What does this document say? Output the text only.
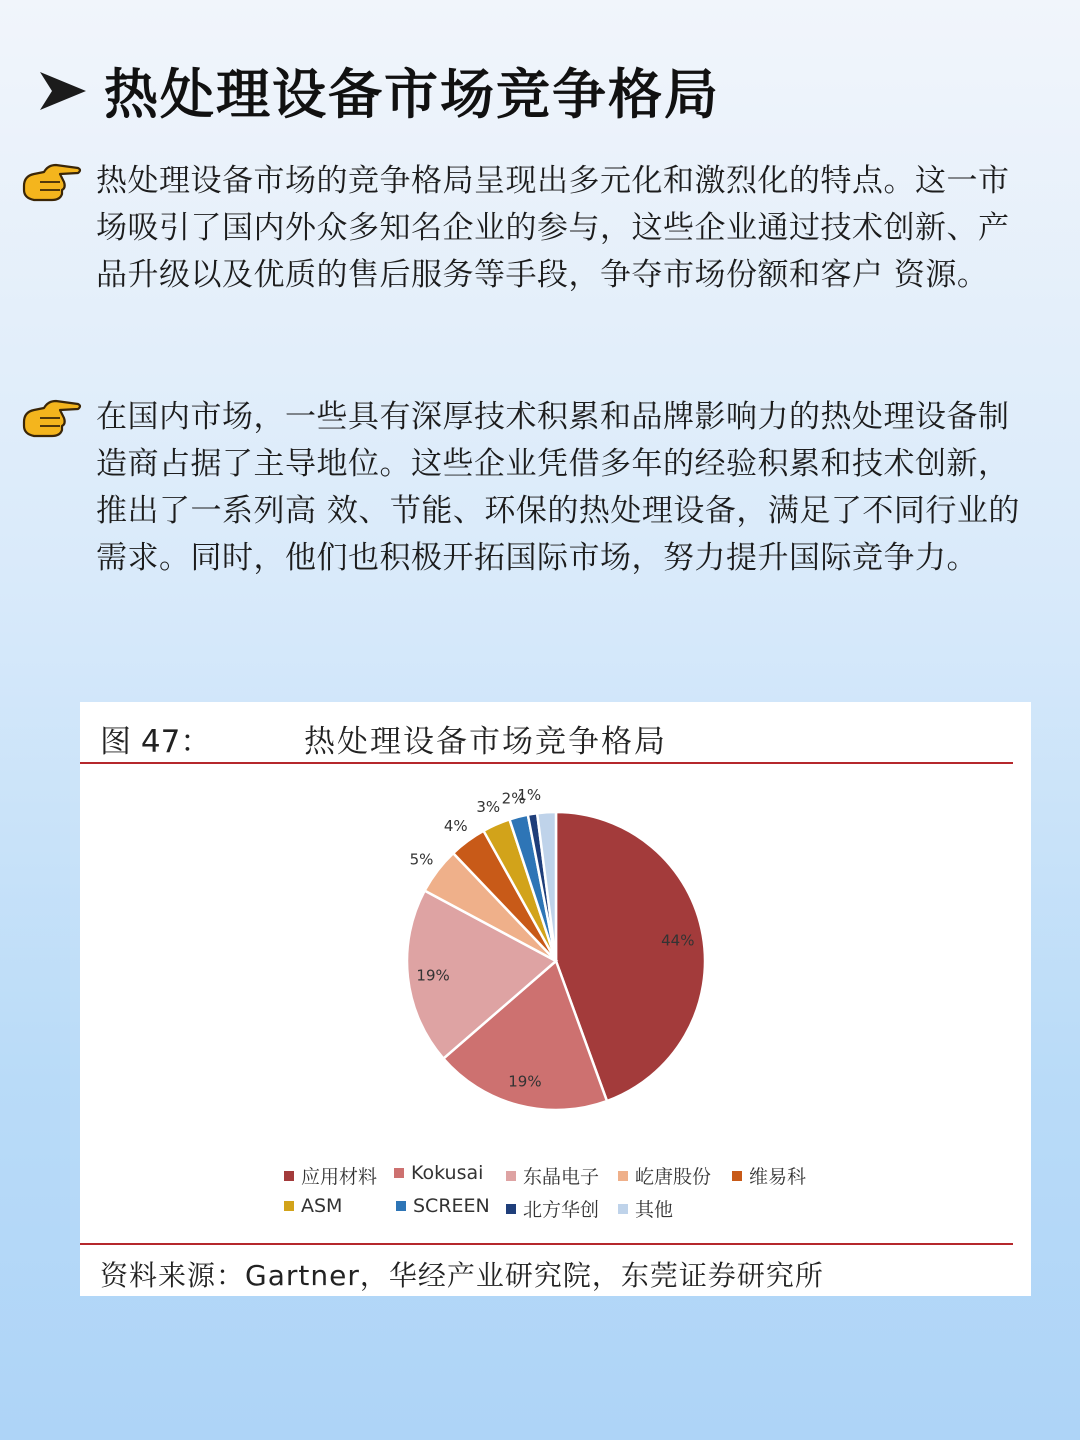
热处理设备市场竞争格局

热处理设备市场的竞争格局呈现出多元化和激烈化的特点。这一市场吸引了国内外众多知名企业的参与，这些企业通过技术创新、产品升级以及优质的售后服务等手段，争夺市场份额和客户 资源。

在国内市场，一些具有深厚技术积累和品牌影响力的热处理设备制造商占据了主导地位。这些企业凭借多年的经验积累和技术创新，推出了一系列高 效、节能、环保的热处理设备，满足了不同行业的需求。同时，他们也积极开拓国际市场，努力提升国际竞争力。

图 47：	热处理设备市场竞争格局
44%
19%
19%
5%
4%
3% 2%
1%
应用材料 Kokusai 东晶电子 屹唐股份 维易科
ASM	SCREEN 北方华创 其他
资料来源：Gartner，华经产业研究院，东莞证券研究所
